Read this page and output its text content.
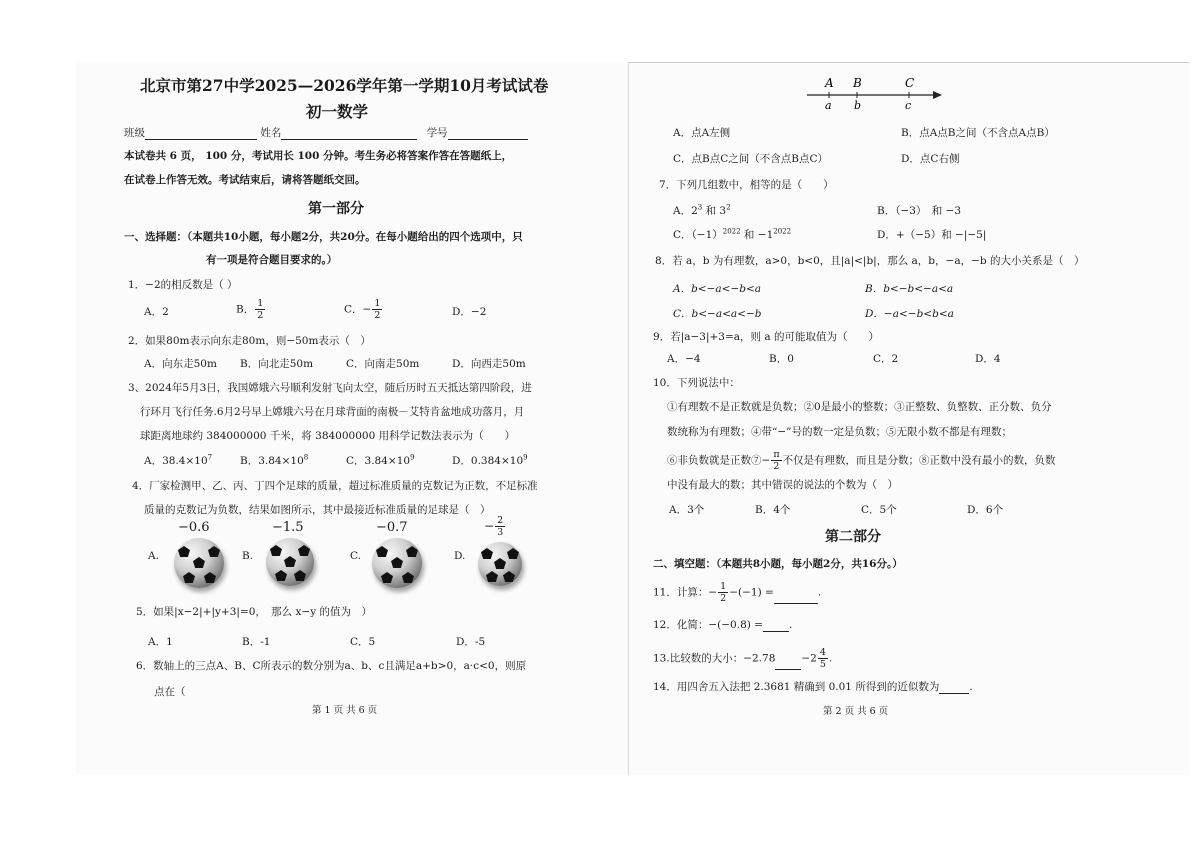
北京市第27中学2025—2026学年第一学期10月考试试卷
初一数学
班级	姓名	学号
本试卷共 6 页， 100 分，考试用长 100 分钟。考生务必将答案作答在答题纸上，
在试卷上作答无效。考试结束后，请将答题纸交回。
第一部分
一、选择题：（本题共10小题，每小题2分，共20分。在每小题给出的四个选项中，只
有一项是符合题目要求的。）
1．−2的相反数是（ ）
A．2	B． $\frac{1}{2}$	C．− $\frac{1}{2}$	D．−2
2．如果80m表示向东走80m，则−50m表示（　）
A．向东走50m B．向北走50m	C．向南走50m	D．向西走50m
3、2024年5月3日，我国嫦娥六号顺利发射飞向太空，随后历时五天抵达第四阶段，进
行环月飞行任务.6月2号早上嫦娥六号在月球背面的南极－艾特肯盆地成功落月，月
球距离地球约 384000000 千米，将 384000000 用科学记数法表示为（　　）
A．$38.4\times 10^7$	B．$3.84\times 10^8$	C．$3.84\times 10^9$	D．$0.384\times 10^9$
4．厂家检测甲、乙、丙、丁四个足球的质量，超过标准质量的克数记为正数，不足标准
质量的克数记为负数，结果如图所示，其中最接近标准质量的足球是（　）
−0.6	−1.5	−0.7	− $\frac{2}{3}$
A.	B.	C.	D.
5．如果|x−2|+|y+3|=0，　那么 x−y 的值为　）
A．1	B．-1	C．5	D．-5
6．数轴上的三点A、B、C所表示的数分别为a、b、c且满足a+b>0，a·c<0，则原
点在（
第 1 页 共 6 页
A B	C
a b	c
A．点A左侧	B．点A点B之间（不含点A点B）
C．点B点C之间（不含点B点C）	D．点C右侧
7．下列几组数中，相等的是（　　）
A．$2^3$ 和 $3^2$	B．（−3）　和 −3
C．$(-1)^{2022}$ 和 $-1^{2022}$	D．+（−5）和 −|−5|
8．若 a，b 为有理数，a>0，b<0，且|a|<|b|，那么 a，b，−a，−b 的大小关系是（　）
A．b<−a<−b<a	B．b<−b<−a<a
C．b<−a<a<−b	D．−a<−b<b<a
9．若|a−3|+3=a，则 a 的可能取值为（　　）
A．−4	B．0	C．2	D．4
10．下列说法中：
①有理数不是正数就是负数；②0是最小的整数；③正整数、负整数、正分数、负分
数统称为有理数；④带“−”号的数一定是负数；⑤无限小数不都是有理数；
⑥非负数就是正数⑦− $\frac{\pi}{2}$ 不仅是有理数，而且是分数；⑧正数中没有最小的数，负数
中没有最大的数；其中错误的说法的个数为（　）
A．3个	B．4个	C．5个	D．6个
第二部分
二、填空题：（本题共8小题，每小题2分，共16分。）
11．计算：− $\frac{1}{2} -(-1)$ =	.
12．化简：−(−0.8) = .
13.比较数的大小：$-2.78 -2 \frac{4}{5}$ .
14．用四舍五入法把 2.3681 精确到 0.01 所得到的近似数为	.
第 2 页 共 6 页
